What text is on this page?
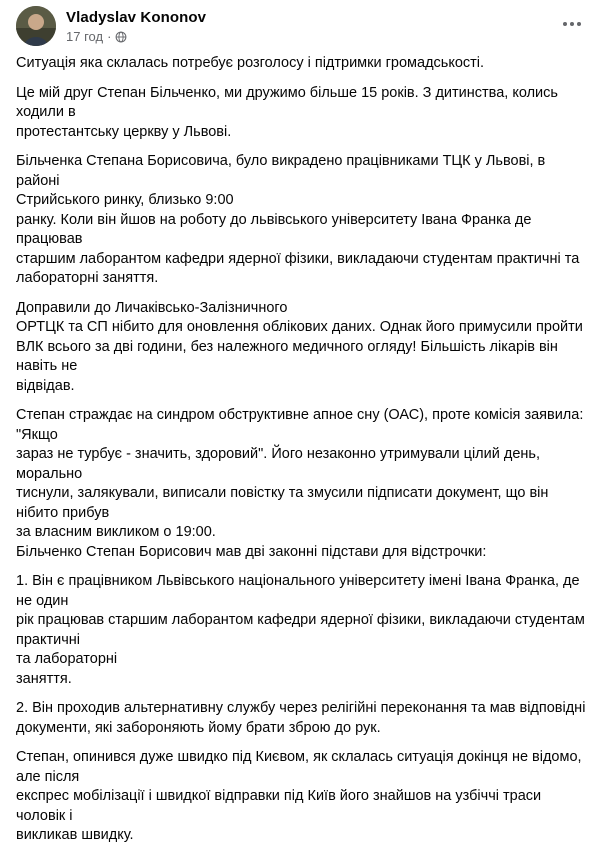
Vladyslav Kononov
17 год ·

Ситуація яка склалась потребує розголосу і підтримки громадськості.

Це мій друг Степан Більченко, ми дружимо більше 15 років. З дитинства, колись ходили в
протестантську церкву у Львові.

Більченка Степана Борисовича, було викрадено працівниками ТЦК у Львові, в районі
Стрийського ринку, близько 9:00
ранку. Коли він йшов на роботу до львівського університету Івана Франка де працював
старшим лаборантом кафедри ядерної фізики, викладаючи студентам практичні та
лабораторні заняття.

Доправили до Личаківсько-Залізничного
ОРТЦК та СП нібито для оновлення облікових даних. Однак його примусили пройти
ВЛК всього за дві години, без належного медичного огляду! Більшість лікарів він навіть не
відвідав.

Степан страждає на синдром обструктивне апное сну (ОАС), проте комісія заявила: "Якщо
зараз не турбує - значить, здоровий". Його незаконно утримували цілий день, морально
тиснули, залякували, виписали повістку та змусили підписати документ, що він нібито прибув
за власним викликом о 19:00.

Більченко Степан Борисович мав дві законні підстави для відстрочки:

1. Він є працівником Львівського національного університету імені Івана Франка, де не один
рік працював старшим лаборантом кафедри ядерної фізики, викладаючи студентам практичні
та лабораторні
заняття.

2. Він проходив альтернативну службу через релігійні переконання та мав відповідні
документи, які забороняють йому брати зброю до рук.

Степан, опинився дуже швидко під Києвом, як склалась ситуація докінця не відомо, але після
експрес мобілізації і швидкої відправки під Київ його знайшов на узбіччі траси чоловік і
викликав швидку.
